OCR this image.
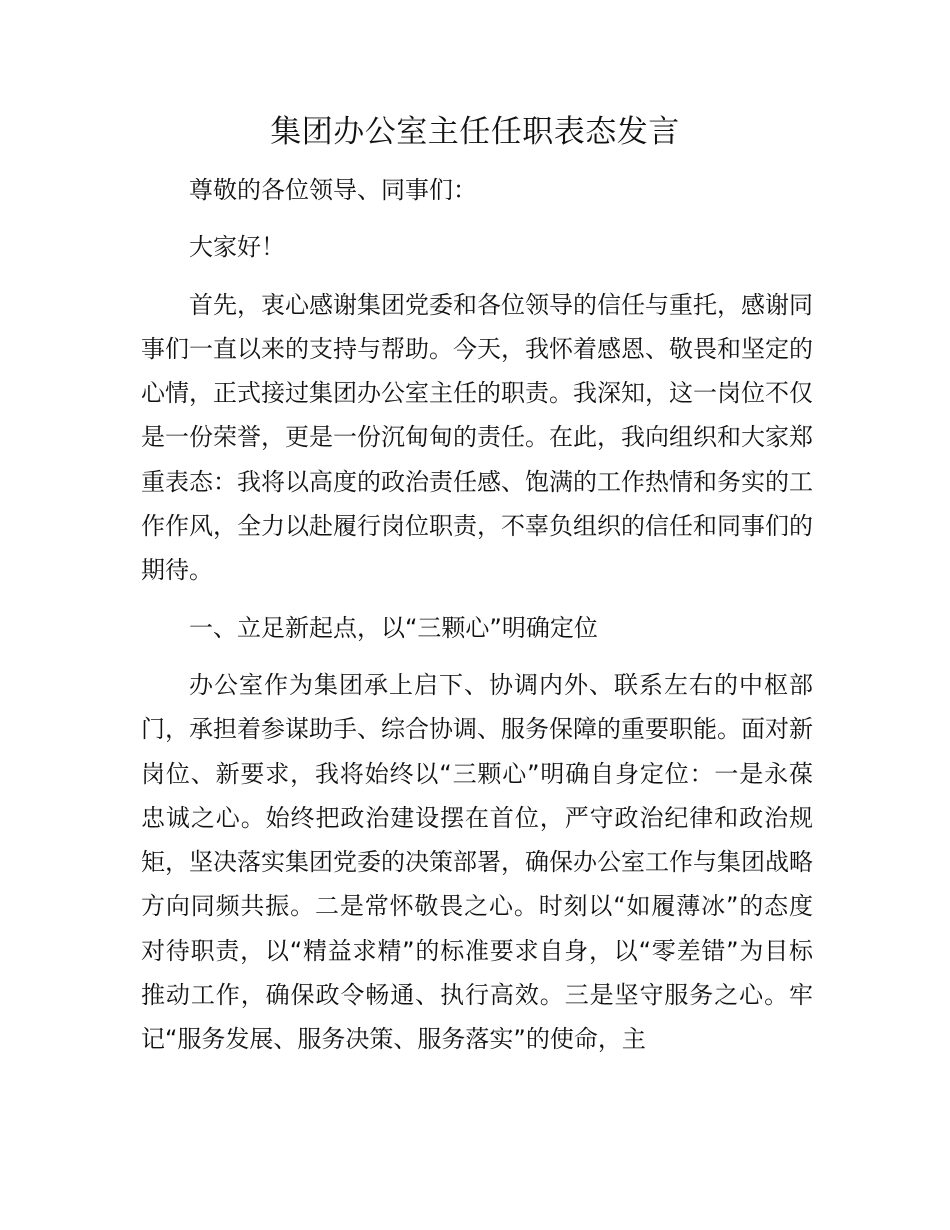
集团办公室主任任职表态发言

尊敬的各位领导、同事们：

大家好！

首先，衷心感谢集团党委和各位领导的信任与重托，感谢同事们一直以来的支持与帮助。今天，我怀着感恩、敬畏和坚定的心情，正式接过集团办公室主任的职责。我深知，这一岗位不仅是一份荣誉，更是一份沉甸甸的责任。在此，我向组织和大家郑重表态：我将以高度的政治责任感、饱满的工作热情和务实的工作作风，全力以赴履行岗位职责，不辜负组织的信任和同事们的期待。

一、立足新起点，以“三颗心”明确定位

办公室作为集团承上启下、协调内外、联系左右的中枢部门，承担着参谋助手、综合协调、服务保障的重要职能。面对新岗位、新要求，我将始终以“三颗心”明确自身定位：一是永葆忠诚之心。始终把政治建设摆在首位，严守政治纪律和政治规矩，坚决落实集团党委的决策部署，确保办公室工作与集团战略方向同频共振。二是常怀敬畏之心。时刻以“如履薄冰”的态度对待职责，以“精益求精”的标准要求自身，以“零差错”为目标推动工作，确保政令畅通、执行高效。三是坚守服务之心。牢记“服务发展、服务决策、服务落实”的使命，主
